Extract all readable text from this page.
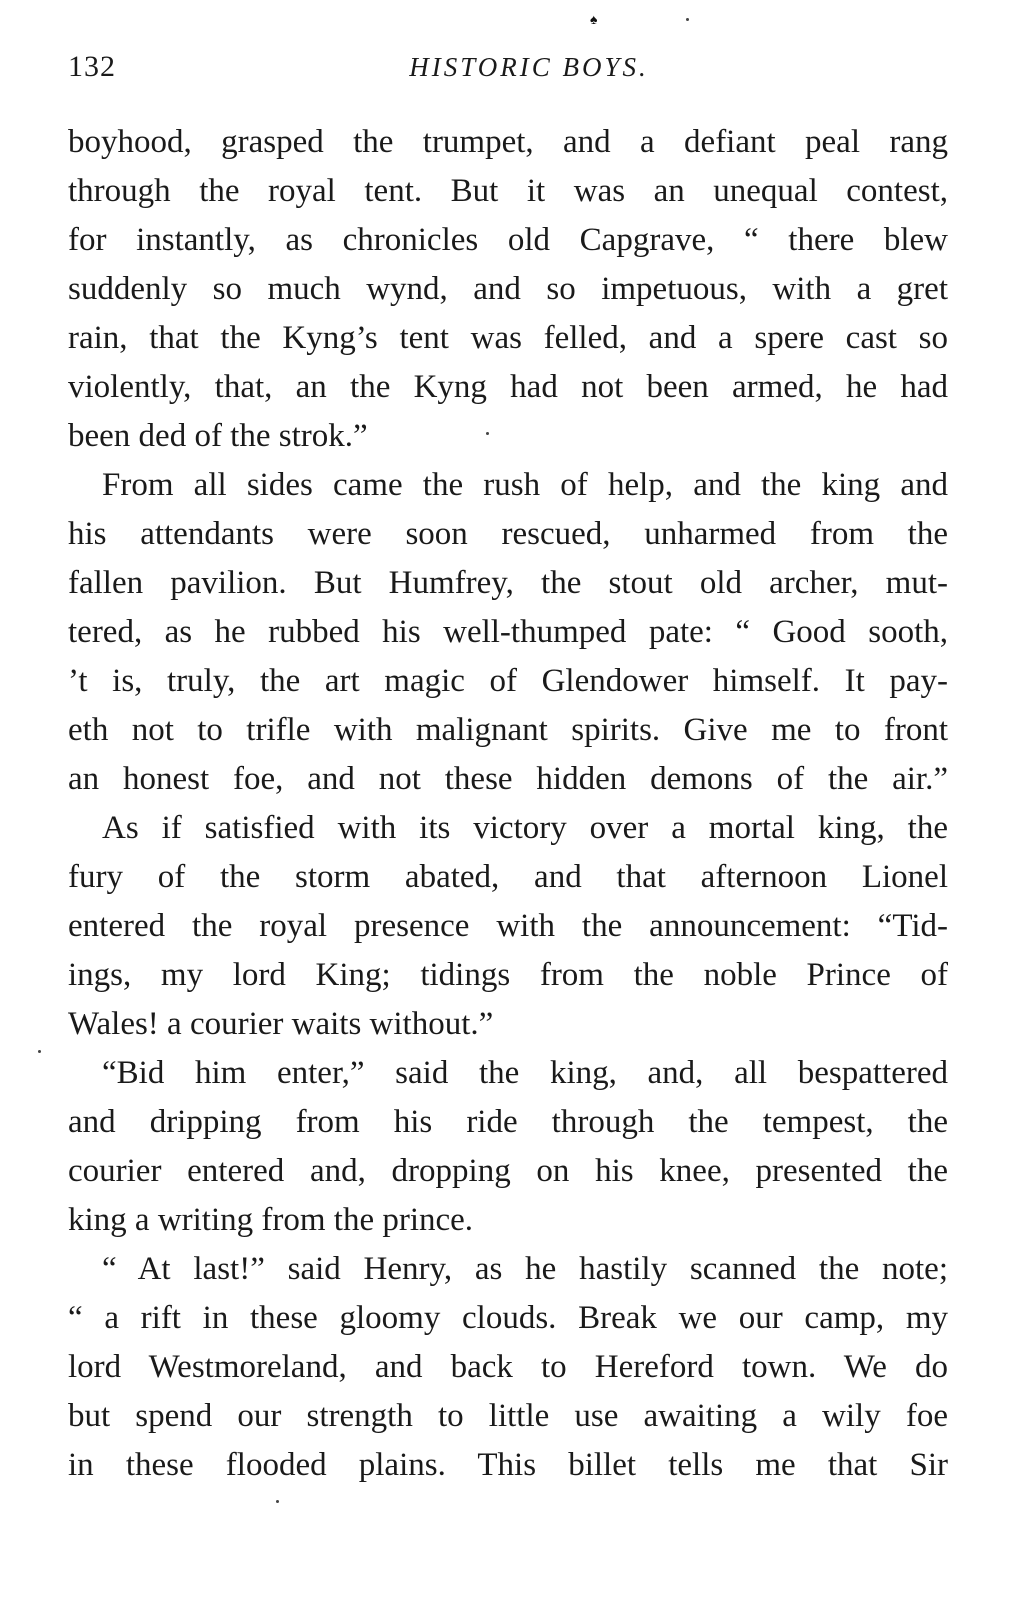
♠
132	HISTORIC BOYS.
boyhood, grasped the trumpet, and a defiant peal rang
through the royal tent. But it was an unequal contest,
for instantly, as chronicles old Capgrave, “ there blew
suddenly so much wynd, and so impetuous, with a gret
rain, that the Kyng’s tent was felled, and a spere cast so
violently, that, an the Kyng had not been armed, he had
been ded of the strok.”
From all sides came the rush of help, and the king and
his attendants were soon rescued, unharmed from the
fallen pavilion. But Humfrey, the stout old archer, mut-
tered, as he rubbed his well-thumped pate: “ Good sooth,
’t is, truly, the art magic of Glendower himself. It pay-
eth not to trifle with malignant spirits. Give me to front
an honest foe, and not these hidden demons of the air.”
As if satisfied with its victory over a mortal king, the
fury of the storm abated, and that afternoon Lionel
entered the royal presence with the announcement: “Tid-
ings, my lord King; tidings from the noble Prince of
Wales! a courier waits without.”
“Bid him enter,” said the king, and, all bespattered
and dripping from his ride through the tempest, the
courier entered and, dropping on his knee, presented the
king a writing from the prince.
“ At last!” said Henry, as he hastily scanned the note;
“ a rift in these gloomy clouds. Break we our camp, my
lord Westmoreland, and back to Hereford town. We do
but spend our strength to little use awaiting a wily foe
in these flooded plains. This billet tells me that Sir
